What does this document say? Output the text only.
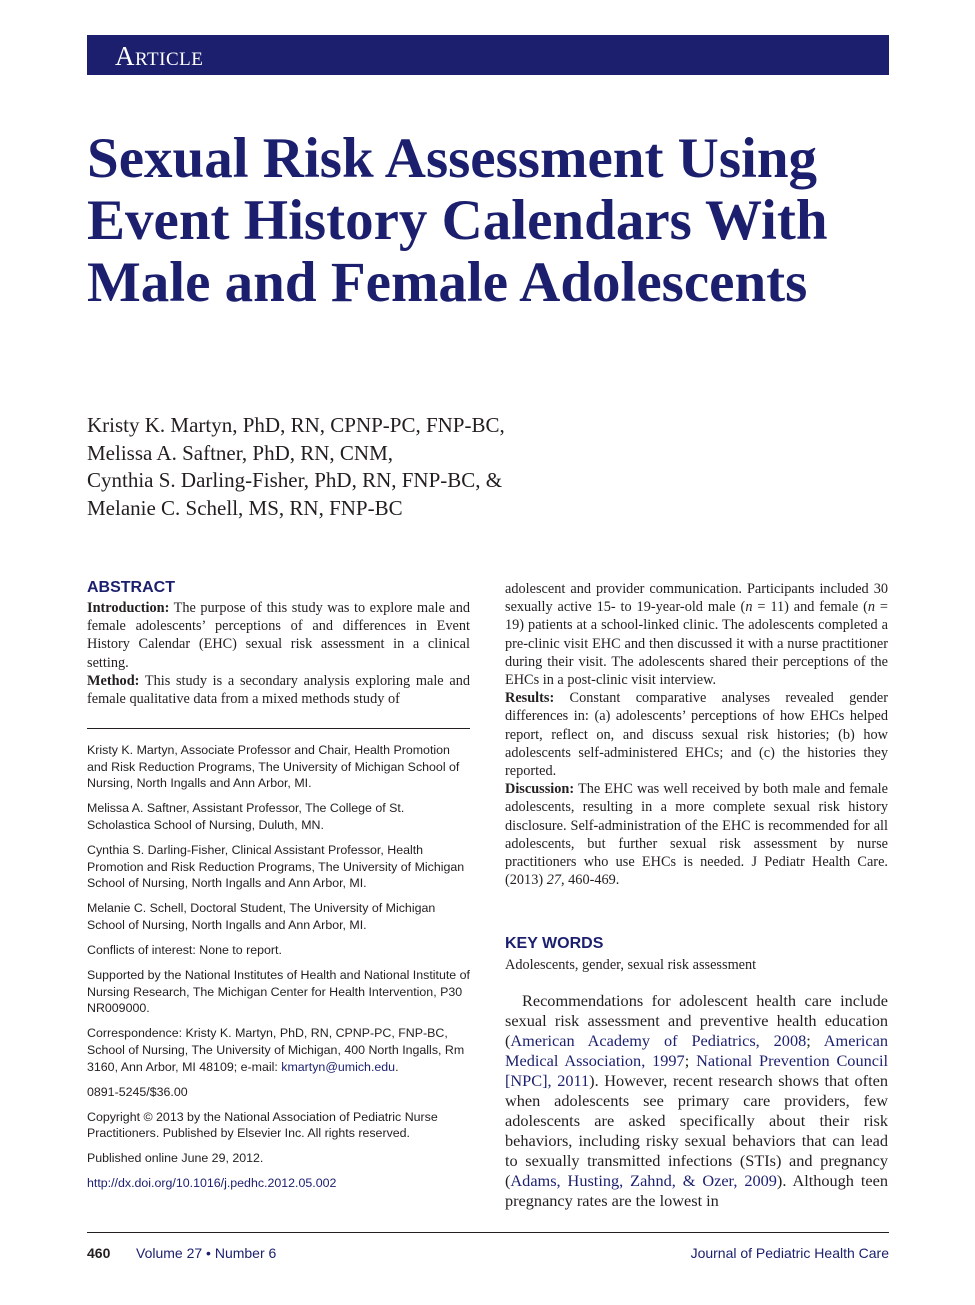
Article
Sexual Risk Assessment Using Event History Calendars With Male and Female Adolescents
Kristy K. Martyn, PhD, RN, CPNP-PC, FNP-BC,
Melissa A. Saftner, PhD, RN, CNM,
Cynthia S. Darling-Fisher, PhD, RN, FNP-BC, &
Melanie C. Schell, MS, RN, FNP-BC
ABSTRACT

Introduction: The purpose of this study was to explore male and female adolescents’ perceptions of and differences in Event History Calendar (EHC) sexual risk assessment in a clinical setting.

Method: This study is a secondary analysis exploring male and female qualitative data from a mixed methods study of

adolescent and provider communication. Participants included 30 sexually active 15- to 19-year-old male (n = 11) and female (n = 19) patients at a school-linked clinic. The adolescents completed a pre-clinic visit EHC and then discussed it with a nurse practitioner during their visit. The adolescents shared their perceptions of the EHCs in a post-clinic visit interview.

Results: Constant comparative analyses revealed gender differences in: (a) adolescents’ perceptions of how EHCs helped report, reflect on, and discuss sexual risk histories; (b) how adolescents self-administered EHCs; and (c) the histories they reported.

Discussion: The EHC was well received by both male and female adolescents, resulting in a more complete sexual risk history disclosure. Self-administration of the EHC is recommended for all adolescents, but further sexual risk assessment by nurse practitioners who use EHCs is needed. J Pediatr Health Care. (2013) 27, 460-469.

Kristy K. Martyn, Associate Professor and Chair, Health Promotion and Risk Reduction Programs, The University of Michigan School of Nursing, North Ingalls and Ann Arbor, MI.

Melissa A. Saftner, Assistant Professor, The College of St. Scholastica School of Nursing, Duluth, MN.

Cynthia S. Darling-Fisher, Clinical Assistant Professor, Health Promotion and Risk Reduction Programs, The University of Michigan School of Nursing, North Ingalls and Ann Arbor, MI.

Melanie C. Schell, Doctoral Student, The University of Michigan School of Nursing, North Ingalls and Ann Arbor, MI.

Conflicts of interest: None to report.

Supported by the National Institutes of Health and National Institute of Nursing Research, The Michigan Center for Health Intervention, P30 NR009000.

Correspondence: Kristy K. Martyn, PhD, RN, CPNP-PC, FNP-BC, School of Nursing, The University of Michigan, 400 North Ingalls, Rm 3160, Ann Arbor, MI 48109; e-mail: kmartyn@umich.edu.

0891-5245/$36.00

Copyright © 2013 by the National Association of Pediatric Nurse Practitioners. Published by Elsevier Inc. All rights reserved.

Published online June 29, 2012.

http://dx.doi.org/10.1016/j.pedhc.2012.05.002

KEY WORDS
Adolescents, gender, sexual risk assessment

Recommendations for adolescent health care include sexual risk assessment and preventive health education (American Academy of Pediatrics, 2008; American Medical Association, 1997; National Prevention Council [NPC], 2011). However, recent research shows that often when adolescents see primary care providers, few adolescents are asked specifically about their risk behaviors, including risky sexual behaviors that can lead to sexually transmitted infections (STIs) and pregnancy (Adams, Husting, Zahnd, & Ozer, 2009). Although teen pregnancy rates are the lowest in

460 Volume 27 • Number 6	Journal of Pediatric Health Care
